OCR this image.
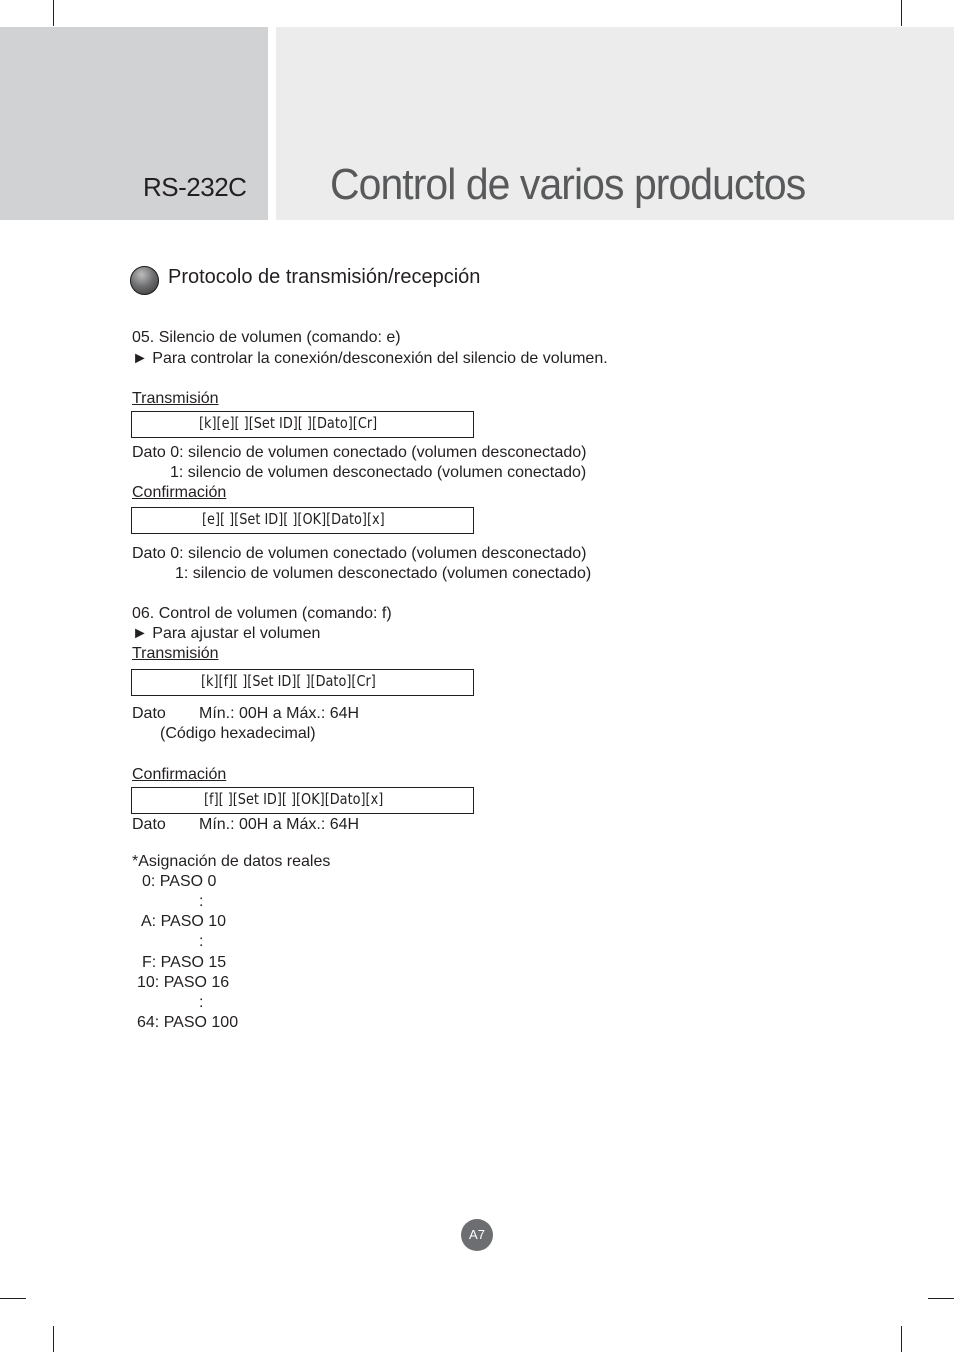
RS-232C Control de varios productos
Protocolo de transmisión/recepción
05. Silencio de volumen (comando: e)
► Para controlar la conexión/desconexión del silencio de volumen.
Transmisión
[k][e][ ][Set ID][ ][Dato][Cr]
Dato 0: silencio de volumen conectado (volumen desconectado)
1: silencio de volumen desconectado (volumen conectado)
Confirmación
[e][ ][Set ID][ ][OK][Dato][x]
Dato 0: silencio de volumen conectado (volumen desconectado)
1: silencio de volumen desconectado (volumen conectado)
06. Control de volumen (comando: f)
► Para ajustar el volumen
Transmisión
[k][f][ ][Set ID][ ][Dato][Cr]
Dato Mín.: 00H a Máx.: 64H
(Código hexadecimal)
Confirmación
[f][ ][Set ID][ ][OK][Dato][x]
Dato Mín.: 00H a Máx.: 64H
*Asignación de datos reales
0: PASO 0
:
A: PASO 10
:
F: PASO 15
10: PASO 16
:
64: PASO 100
A7
